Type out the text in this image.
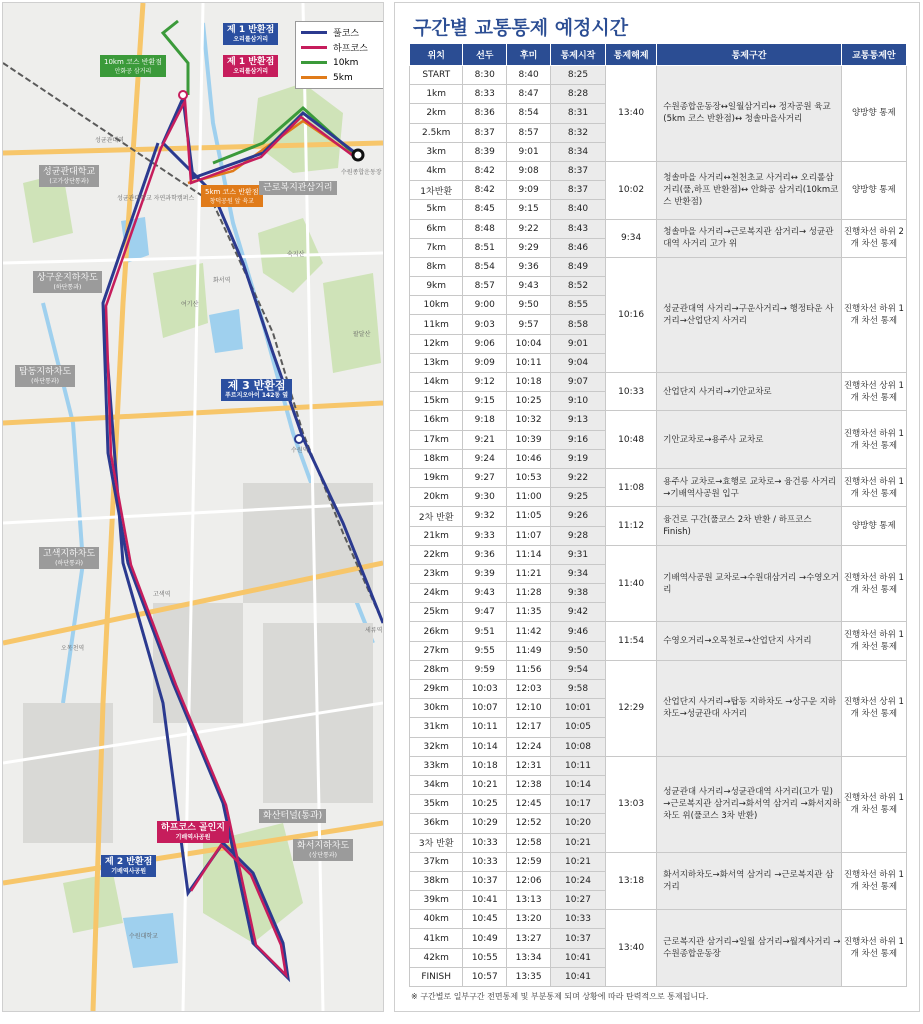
제 1 반환점
오리롤삼거리
제 1 반환점
오리롤삼거리
10km 코스 반환점
안화공 삼거리
5km 코스 반환점
창덕공원 앞 육교
제 3 반환점
푸르지오아이 142동 옆
제 2 반환점
기배역사공원
하프코스 골인지
기배역사공원
성균관대학교
(고가상단통과)
근로복지관삼거리
상구운지하차도
(하단통과)
탑동지하차도
(하단통과)
고색지하차도
(하단통과)
화산터널(통과)
화서지하차도
(상단통과)
성균관대역
화서역
수원역
고색역
오목천역
수원종합운동장
수원대학교
성균관대학교 자연과학캠퍼스
여기산
숙지산
팔달산
세류역
풀코스
하프코스
10km
5km
구간별 교통통제 예정시간
위치	선두	후미	통제시작	통제해제	통제구간	교통통제안
START	8:30	8:40	8:25	13:40	수원종합운동장↔일월삼거리↔ 정자공원 육교(5km 코스 반환점)↔ 청솔마을사거리	양방향 통제
1km	8:33	8:47	8:28			
2km	8:36	8:54	8:31			
2.5km	8:37	8:57	8:32			
3km	8:39	9:01	8:34			
4km	8:42	9:08	8:37	10:02	청솔마을 사거리↔천천초교 사거리↔ 오리롤삼거리(풀,하프 반환점)↔ 안화공 삼거리(10km코스 반환점)	양방향 통제
1차반환	8:42	9:09	8:37			
5km	8:45	9:15	8:40			
6km	8:48	9:22	8:43	9:34	청솔마을 사거리→근로복지관 삼거리→ 성균관대역 사거리 고가 위	진행차선 하위 2개 차선 통제
7km	8:51	9:29	8:46			
8km	8:54	9:36	8:49	10:16	성균관대역 사거리→구운사거리→ 행정타운 사거리→산업단지 사거리	진행차선 하위 1개 차선 통제
9km	8:57	9:43	8:52			
10km	9:00	9:50	8:55			
11km	9:03	9:57	8:58			
12km	9:06	10:04	9:01			
13km	9:09	10:11	9:04			
14km	9:12	10:18	9:07	10:33	산업단지 사거리→기안교차로	진행차선 상위 1개 차선 통제
15km	9:15	10:25	9:10			
16km	9:18	10:32	9:13	10:48	기안교차로→용주사 교차로	진행차선 하위 1개 차선 통제
17km	9:21	10:39	9:16			
18km	9:24	10:46	9:19			
19km	9:27	10:53	9:22	11:08	용주사 교차로→효행로 교차로→ 융건릉 사거리→기배역사공원 입구	진행차선 하위 1개 차선 통제
20km	9:30	11:00	9:25			
2차 반환	9:32	11:05	9:26	11:12	융건로 구간(풀코스 2차 반환 / 하프코스 Finish)	양방향 통제
21km	9:33	11:07	9:28			
22km	9:36	11:14	9:31	11:40	기배역사공원 교차로→수원대삼거리 →수영오거리	진행차선 하위 1개 차선 통제
23km	9:39	11:21	9:34			
24km	9:43	11:28	9:38			
25km	9:47	11:35	9:42			
26km	9:51	11:42	9:46	11:54	수영오거리→오목천로→산업단지 사거리	진행차선 하위 1개 차선 통제
27km	9:55	11:49	9:50			
28km	9:59	11:56	9:54	12:29	산업단지 사거리→탑동 지하차도 →상구운 지하차도→성균관대 사거리	진행차선 상위 1개 차선 통제
29km	10:03	12:03	9:58			
30km	10:07	12:10	10:01			
31km	10:11	12:17	10:05			
32km	10:14	12:24	10:08			
33km	10:18	12:31	10:11	13:03	성균관대 사거리→성균관대역 사거리(고가 밑) →근로복지관 삼거리→화서역 삼거리 →화서지하차도 위(풀코스 3차 반환)	진행차선 하위 1개 차선 통제
34km	10:21	12:38	10:14			
35km	10:25	12:45	10:17			
36km	10:29	12:52	10:20			
3차 반환	10:33	12:58	10:21			
37km	10:33	12:59	10:21	13:18	화서지하차도→화서역 삼거리 →근로복지관 삼거리	진행차선 하위 1개 차선 통제
38km	10:37	12:06	10:24			
39km	10:41	13:13	10:27			
40km	10:45	13:20	10:33	13:40	근로복지관 삼거리→일월 삼거리→월계사거리 →수원종합운동장	진행차선 하위 1개 차선 통제
41km	10:49	13:27	10:37			
42km	10:55	13:34	10:41			
FINISH	10:57	13:35	10:41			
※ 구간별로 일부구간 전면통제 및 부분통제 되며 상황에 따라 탄력적으로 통제됩니다.
